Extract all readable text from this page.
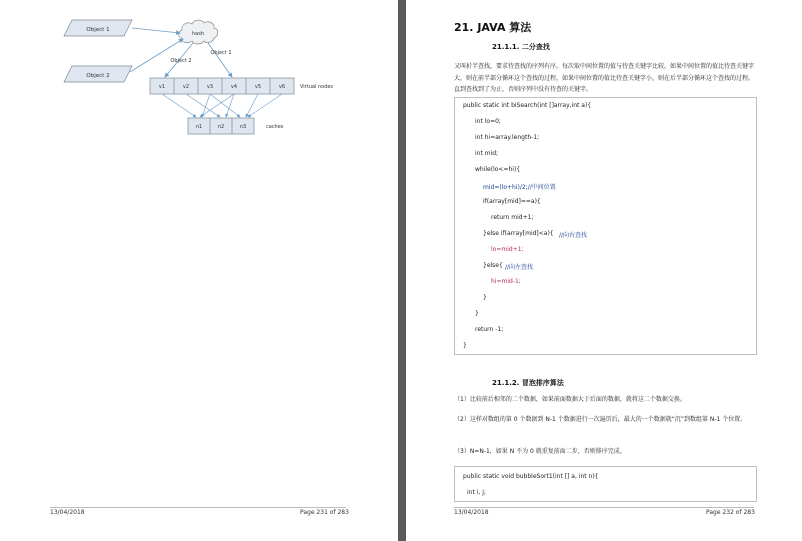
Object 1
Object 2
hash
Object 2
Object 1
v1	v2	v3	v4	v5	v6	Virtual nodes
n1	n2	n3	caches
13/04/2018	Page 231 of 283
21. JAVA 算法
21.1.1. 二分查找
又叫折半查找，要求待查找的序列有序。每次取中间位置的值与待查关键字比较，如果中间位置的值比待查关键字大，则在前半部分循环这个查找的过程，如果中间位置的值比待查关键字小，则在后半部分循环这个查找的过程。直到查找到了为止，否则序列中没有待查的关键字。
public static int biSearch(int []array,int a){
int lo=0;
int hi=array.length-1;
int mid;
while(lo<=hi){
mid=(lo+hi)/2;//中间位置
if(array[mid]==a){
return mid+1;
}else if(array[mid]<a){ //向右查找
lo=mid+1;
}else{ //向左查找
hi=mid-1;
}
}
return -1;
}
21.1.2. 冒泡排序算法
（1）比较前后相邻的二个数据，如果前面数据大于后面的数据，就将这二个数据交换。
（2）这样对数组的第 0 个数据到 N-1 个数据进行一次遍历后，最大的一个数据就“沉”到数组第 N-1 个位置。
（3）N=N-1，如果 N 不为 0 就重复前面二步，否则排序完成。
public static void bubbleSort1(int [] a, int n){
int i, j;
13/04/2018	Page 232 of 283
